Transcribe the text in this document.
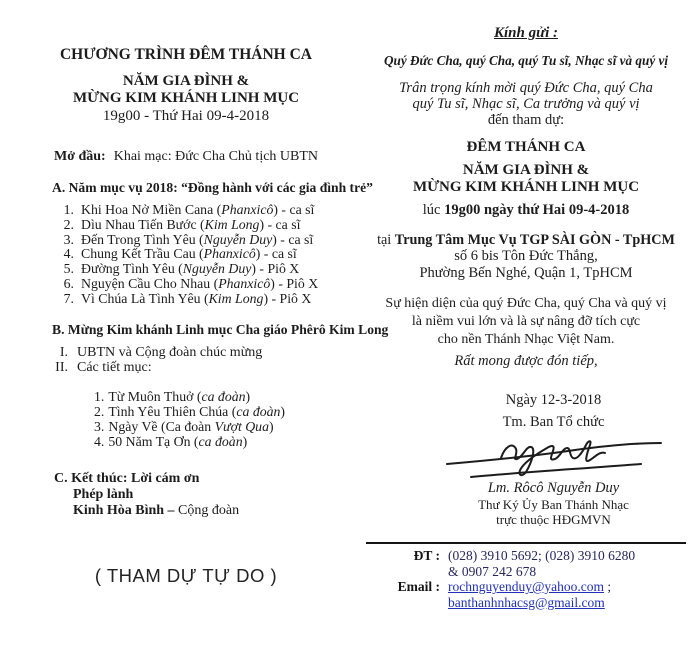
CHƯƠNG TRÌNH ĐÊM THÁNH CA
NĂM GIA ĐÌNH &
MỪNG KIM KHÁNH LINH MỤC
19g00 - Thứ Hai 09-4-2018
Mở đầu: Khai mạc: Đức Cha Chủ tịch UBTN
A. Năm mục vụ 2018: “Đồng hành với các gia đình trẻ”
1. Khi Hoa Nở Miền Cana (Phanxicô) - ca sĩ
2. Dìu Nhau Tiến Bước (Kim Long) - ca sĩ
3. Đến Trong Tình Yêu (Nguyễn Duy) - ca sĩ
4. Chung Kết Trầu Cau (Phanxicô) - ca sĩ
5. Đường Tình Yêu (Nguyễn Duy) - Piô X
6. Nguyện Cầu Cho Nhau (Phanxicô) - Piô X
7. Vì Chúa Là Tình Yêu (Kim Long) - Piô X
B. Mừng Kim khánh Linh mục Cha giáo Phêrô Kim Long
I. UBTN và Cộng đoàn chúc mừng
II. Các tiết mục:
1. Từ Muôn Thuở (ca đoàn)
2. Tình Yêu Thiên Chúa (ca đoàn)
3. Ngày Về (Ca đoàn Vượt Qua)
4. 50 Năm Tạ Ơn (ca đoàn)
C. Kết thúc: Lời cám ơn
Phép lành
Kinh Hòa Bình – Cộng đoàn
( THAM DỰ TỰ DO )
Kính gửi :
Quý Đức Cha, quý Cha, quý Tu sĩ, Nhạc sĩ và quý vị
Trân trọng kính mời quý Đức Cha, quý Cha
quý Tu sĩ, Nhạc sĩ, Ca trưởng và quý vị
đến tham dự:
ĐÊM THÁNH CA
NĂM GIA ĐÌNH &
MỪNG KIM KHÁNH LINH MỤC
lúc 19g00 ngày thứ Hai 09-4-2018
tại Trung Tâm Mục Vụ TGP SÀI GÒN - TpHCM
số 6 bis Tôn Đức Thắng,
Phường Bến Nghé, Quận 1, TpHCM
Sự hiện diện của quý Đức Cha, quý Cha và quý vị
là niềm vui lớn và là sự nâng đỡ tích cực
cho nền Thánh Nhạc Việt Nam.
Rất mong được đón tiếp,
Ngày 12-3-2018
Tm. Ban Tổ chức
Lm. Rôcô Nguyễn Duy
Thư Ký Ủy Ban Thánh Nhạc
trực thuộc HĐGMVN
ĐT : (028) 3910 5692; (028) 3910 6280
& 0907 242 678
Email : rochnguyenduy@yahoo.com ;
banthanhnhacsg@gmail.com
